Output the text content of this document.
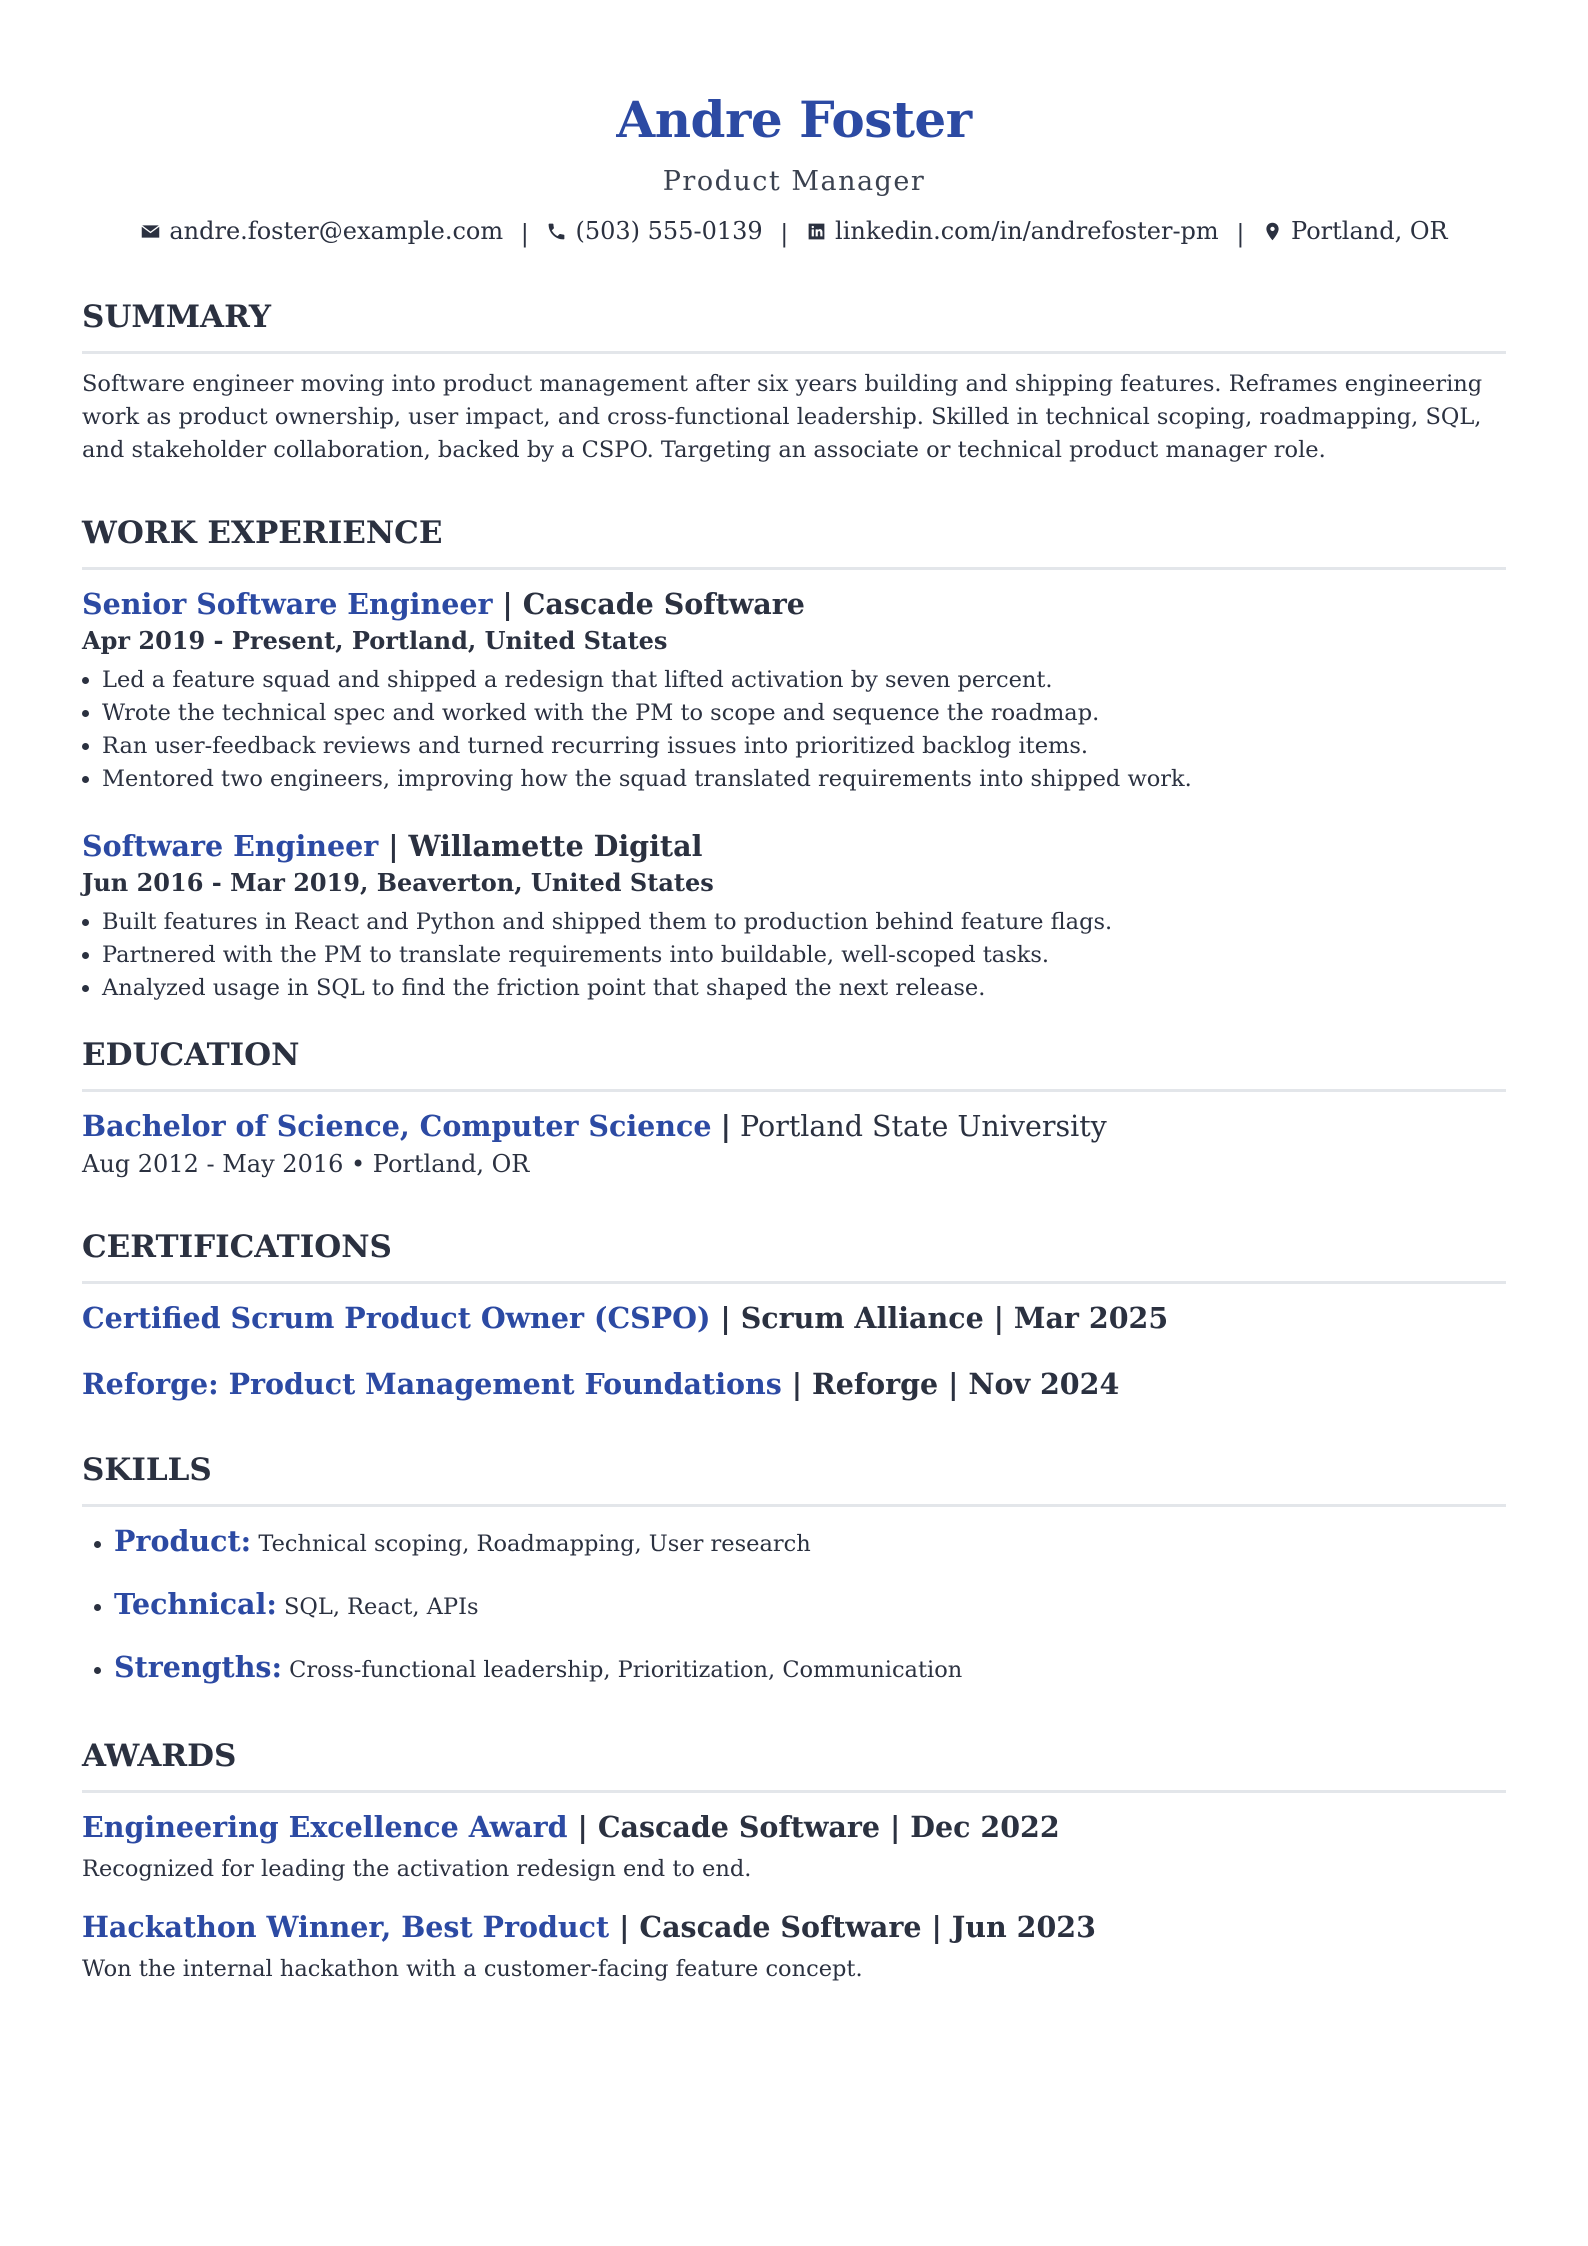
Andre Foster
Product Manager
andre.foster@example.com | (503) 555-0139 | linkedin.com/in/andrefoster-pm | Portland, OR
SUMMARY

Software engineer moving into product management after six years building and shipping features. Reframes engineering work as product ownership, user impact, and cross-functional leadership. Skilled in technical scoping, roadmapping, SQL, and stakeholder collaboration, backed by a CSPO. Targeting an associate or technical product manager role.

WORK EXPERIENCE
Senior Software Engineer | Cascade Software
Apr 2019 - Present, Portland, United States
• Led a feature squad and shipped a redesign that lifted activation by seven percent.
• Wrote the technical spec and worked with the PM to scope and sequence the roadmap.
• Ran user-feedback reviews and turned recurring issues into prioritized backlog items.
• Mentored two engineers, improving how the squad translated requirements into shipped work.
Software Engineer | Willamette Digital
Jun 2016 - Mar 2019, Beaverton, United States
• Built features in React and Python and shipped them to production behind feature flags.
• Partnered with the PM to translate requirements into buildable, well-scoped tasks.
• Analyzed usage in SQL to find the friction point that shaped the next release.
EDUCATION
Bachelor of Science, Computer Science | Portland State University
Aug 2012 - May 2016 • Portland, OR
CERTIFICATIONS
Certified Scrum Product Owner (CSPO) | Scrum Alliance | Mar 2025
Reforge: Product Management Foundations | Reforge | Nov 2024
SKILLS
• Product: Technical scoping, Roadmapping, User research
• Technical: SQL, React, APIs
• Strengths: Cross-functional leadership, Prioritization, Communication
AWARDS
Engineering Excellence Award | Cascade Software | Dec 2022
Recognized for leading the activation redesign end to end.
Hackathon Winner, Best Product | Cascade Software | Jun 2023
Won the internal hackathon with a customer-facing feature concept.
